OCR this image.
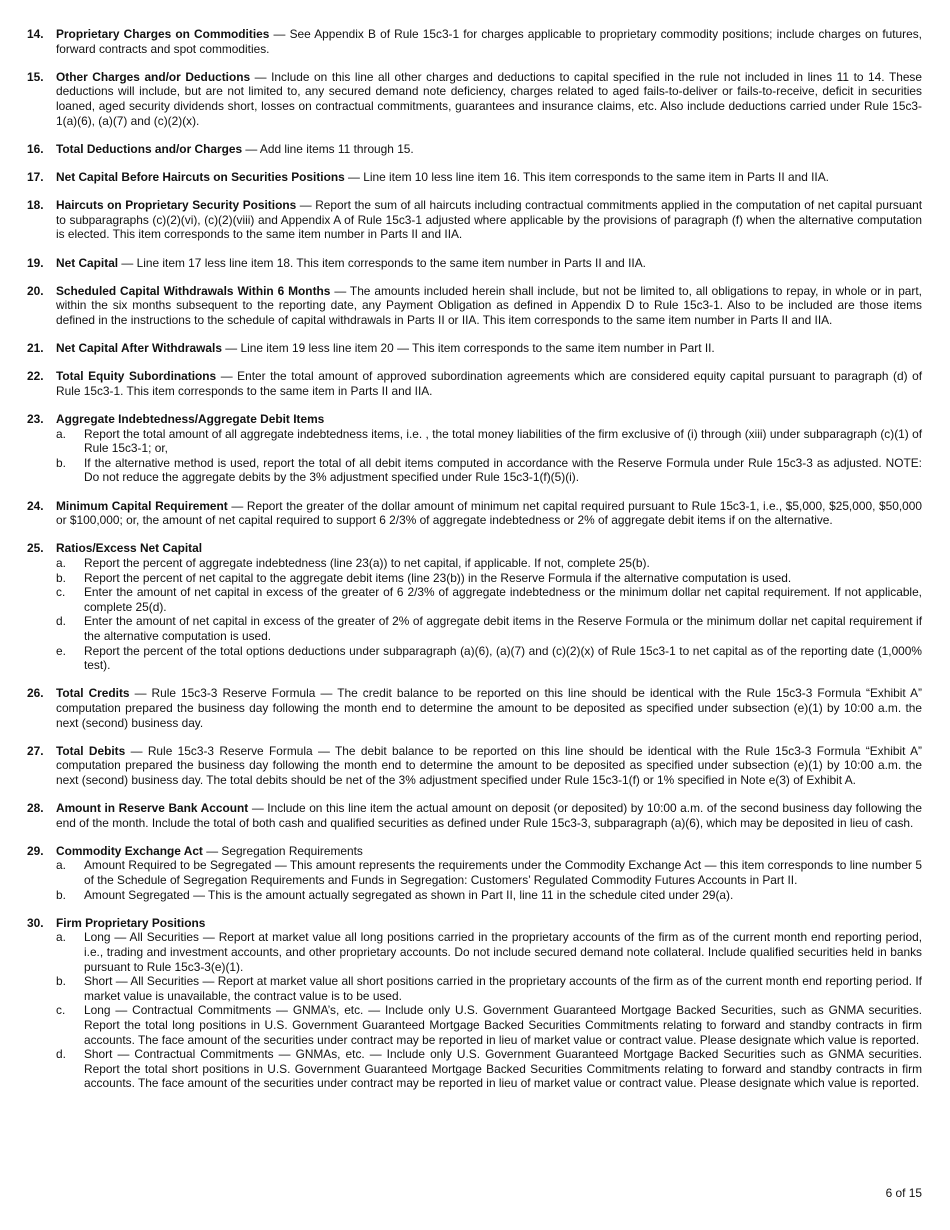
14.	Proprietary Charges on Commodities — See Appendix B of Rule 15c3-1 for charges applicable to proprietary commodity positions; include charges on futures, forward contracts and spot commodities.
15.	Other Charges and/or Deductions — Include on this line all other charges and deductions to capital specified in the rule not included in lines 11 to 14. These deductions will include, but are not limited to, any secured demand note deficiency, charges related to aged fails-to-deliver or fails-to-receive, deficit in securities loaned, aged security dividends short, losses on contractual commitments, guarantees and insurance claims, etc. Also include deductions carried under Rule 15c3-1(a)(6), (a)(7) and (c)(2)(x).
16.	Total Deductions and/or Charges — Add line items 11 through 15.
17.	Net Capital Before Haircuts on Securities Positions — Line item 10 less line item 16. This item corresponds to the same item in Parts II and IIA.
18.	Haircuts on Proprietary Security Positions — Report the sum of all haircuts including contractual commitments applied in the computation of net capital pursuant to subparagraphs (c)(2)(vi), (c)(2)(viii) and Appendix A of Rule 15c3-1 adjusted where applicable by the provisions of paragraph (f) when the alternative computation is elected. This item corresponds to the same item number in Parts II and IIA.
19.	Net Capital — Line item 17 less line item 18. This item corresponds to the same item number in Parts II and IIA.
20.	Scheduled Capital Withdrawals Within 6 Months — The amounts included herein shall include, but not be limited to, all obligations to repay, in whole or in part, within the six months subsequent to the reporting date, any Payment Obligation as defined in Appendix D to Rule 15c3-1. Also to be included are those items defined in the instructions to the schedule of capital withdrawals in Parts II or IIA. This item corresponds to the same item number in Parts II and IIA.
21.	Net Capital After Withdrawals — Line item 19 less line item 20 — This item corresponds to the same item number in Part II.
22.	Total Equity Subordinations — Enter the total amount of approved subordination agreements which are considered equity capital pursuant to paragraph (d) of Rule 15c3-1. This item corresponds to the same item in Parts II and IIA.
23.	Aggregate Indebtedness/Aggregate Debit Items
a.	Report the total amount of all aggregate indebtedness items, i.e. , the total money liabilities of the firm exclusive of (i) through (xiii) under subparagraph (c)(1) of Rule 15c3-1; or,
b.	If the alternative method is used, report the total of all debit items computed in accordance with the Reserve Formula under Rule 15c3-3 as adjusted. NOTE: Do not reduce the aggregate debits by the 3% adjustment specified under Rule 15c3-1(f)(5)(i).
24.	Minimum Capital Requirement — Report the greater of the dollar amount of minimum net capital required pursuant to Rule 15c3-1, i.e., $5,000, $25,000, $50,000 or $100,000; or, the amount of net capital required to support 6 2/3% of aggregate indebtedness or 2% of aggregate debit items if on the alternative.
25.	Ratios/Excess Net Capital
a.	Report the percent of aggregate indebtedness (line 23(a)) to net capital, if applicable. If not, complete 25(b).
b.	Report the percent of net capital to the aggregate debit items (line 23(b)) in the Reserve Formula if the alternative computation is used.
c.	Enter the amount of net capital in excess of the greater of 6 2/3% of aggregate indebtedness or the minimum dollar net capital requirement. If not applicable, complete 25(d).
d.	Enter the amount of net capital in excess of the greater of 2% of aggregate debit items in the Reserve Formula or the minimum dollar net capital requirement if the alternative computation is used.
e.	Report the percent of the total options deductions under subparagraph (a)(6), (a)(7) and (c)(2)(x) of Rule 15c3-1 to net capital as of the reporting date (1,000% test).
26.	Total Credits — Rule 15c3-3 Reserve Formula — The credit balance to be reported on this line should be identical with the Rule 15c3-3 Formula “Exhibit A” computation prepared the business day following the month end to determine the amount to be deposited as specified under subsection (e)(1) by 10:00 a.m. the next (second) business day.
27.	Total Debits — Rule 15c3-3 Reserve Formula — The debit balance to be reported on this line should be identical with the Rule 15c3-3 Formula “Exhibit A” computation prepared the business day following the month end to determine the amount to be deposited as specified under subsection (e)(1) by 10:00 a.m. the next (second) business day. The total debits should be net of the 3% adjustment specified under Rule 15c3-1(f) or 1% specified in Note e(3) of Exhibit A.
28.	Amount in Reserve Bank Account — Include on this line item the actual amount on deposit (or deposited) by 10:00 a.m. of the second business day following the end of the month. Include the total of both cash and qualified securities as defined under Rule 15c3-3, subparagraph (a)(6), which may be deposited in lieu of cash.
29.	Commodity Exchange Act — Segregation Requirements
a.	Amount Required to be Segregated — This amount represents the requirements under the Commodity Exchange Act — this item corresponds to line number 5 of the Schedule of Segregation Requirements and Funds in Segregation: Customers’ Regulated Commodity Futures Accounts in Part II.
b.	Amount Segregated — This is the amount actually segregated as shown in Part II, line 11 in the schedule cited under 29(a).
30.	Firm Proprietary Positions
a.	Long — All Securities — Report at market value all long positions carried in the proprietary accounts of the firm as of the current month end reporting period, i.e., trading and investment accounts, and other proprietary accounts. Do not include secured demand note collateral. Include qualified securities held in banks pursuant to Rule 15c3-3(e)(1).
b.	Short — All Securities — Report at market value all short positions carried in the proprietary accounts of the firm as of the current month end reporting period. If market value is unavailable, the contract value is to be used.
c.	Long — Contractual Commitments — GNMA’s, etc. — Include only U.S. Government Guaranteed Mortgage Backed Securities, such as GNMA securities. Report the total long positions in U.S. Government Guaranteed Mortgage Backed Securities Commitments relating to forward and standby contracts in firm accounts. The face amount of the securities under contract may be reported in lieu of market value or contract value. Please designate which value is reported.
d.	Short — Contractual Commitments — GNMAs, etc. — Include only U.S. Government Guaranteed Mortgage Backed Securities such as GNMA securities. Report the total short positions in U.S. Government Guaranteed Mortgage Backed Securities Commitments relating to forward and standby contracts in firm accounts. The face amount of the securities under contract may be reported in lieu of market value or contract value. Please designate which value is reported.
6 of 15
